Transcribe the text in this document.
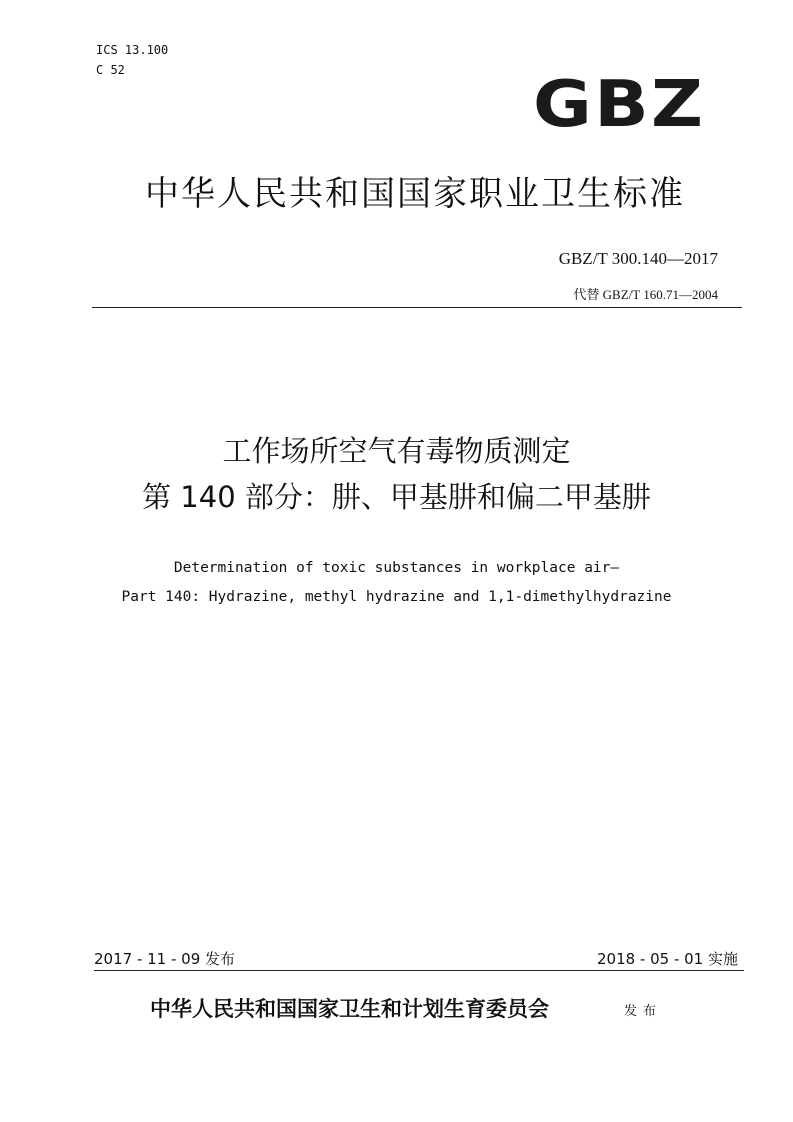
ICS 13.100
C 52	GBZ
中华人民共和国国家职业卫生标准
GBZ/T 300.140—2017
代替 GBZ/T 160.71—2004
工作场所空气有毒物质测定
第 140 部分：肼、甲基肼和偏二甲基肼
Determination of toxic substances in workplace air—
Part 140: Hydrazine, methyl hydrazine and 1,1-dimethylhydrazine
2017 - 11 - 09 发布	2018 - 05 - 01 实施
中华人民共和国国家卫生和计划生育委员会	发布
